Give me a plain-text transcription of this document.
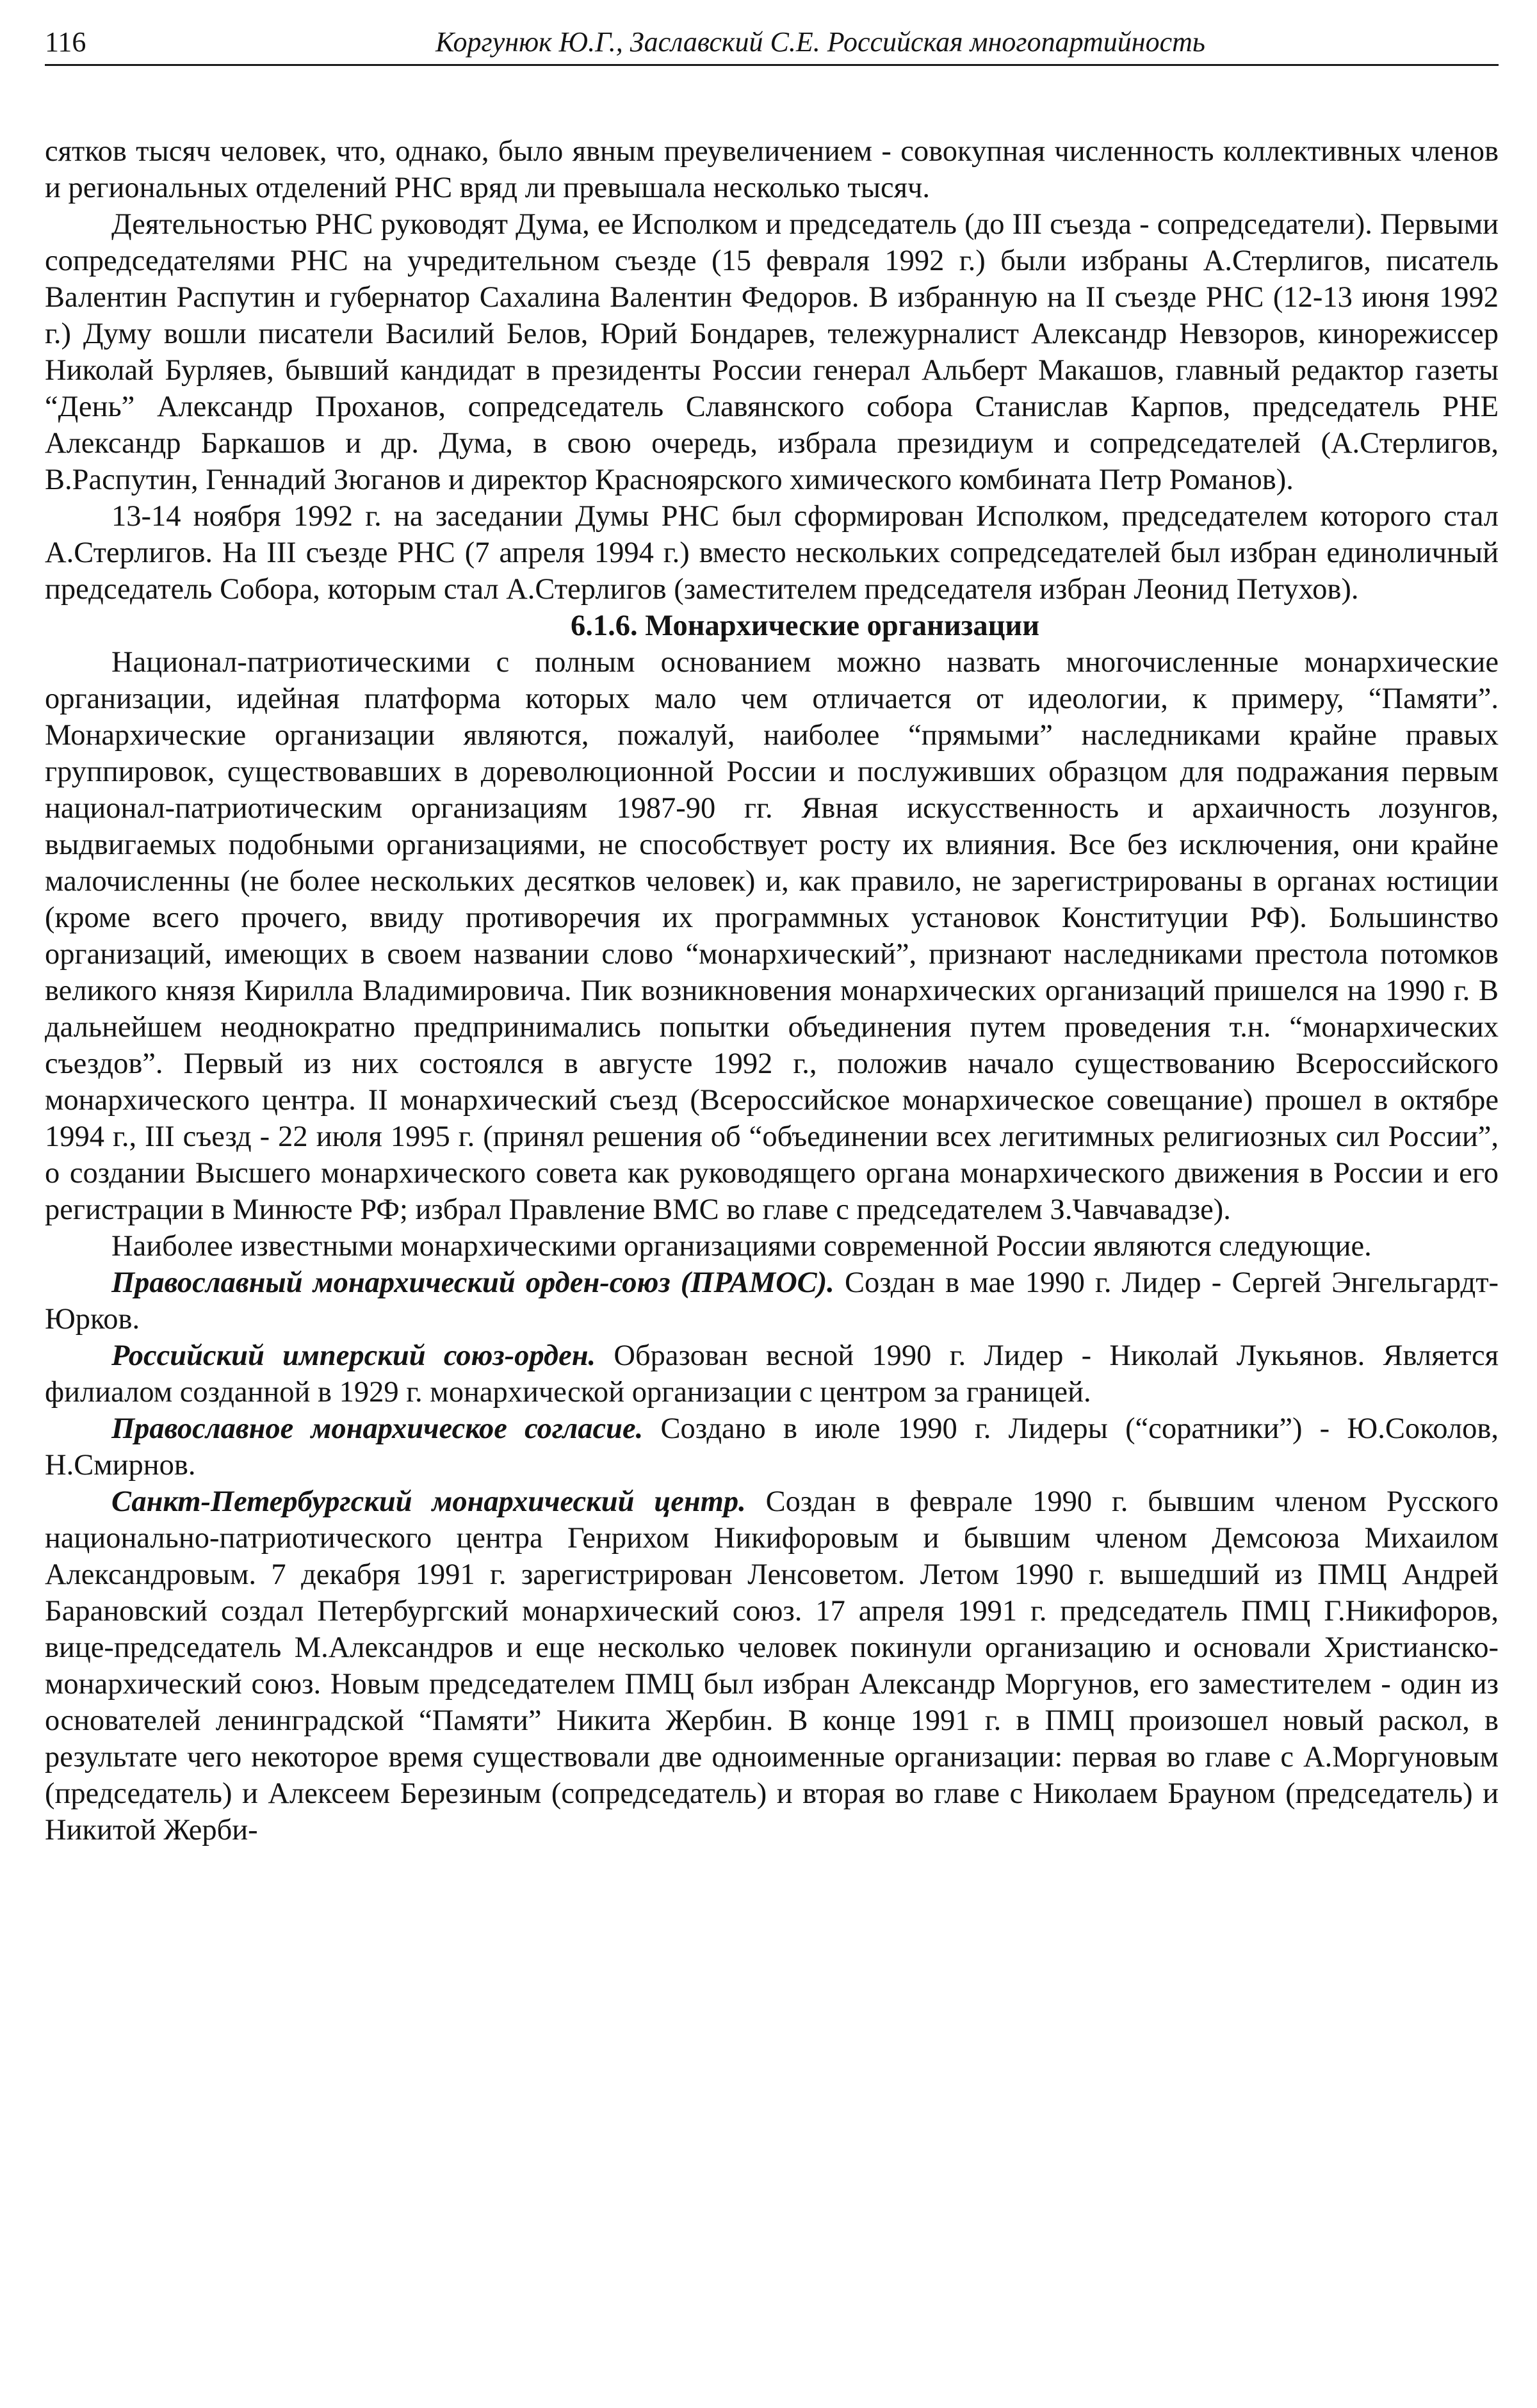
116	Коргунюк Ю.Г., Заславский С.Е. Российская многопартийность

сятков тысяч человек, что, однако, было явным преувеличением - совокупная численность коллективных членов и региональных отделений РНС вряд ли превышала несколько тысяч.

Деятельностью РНС руководят Дума, ее Исполком и председатель (до III съезда - сопредседатели). Первыми сопредседателями РНС на учредительном съезде (15 февраля 1992 г.) были избраны А.Стерлигов, писатель Валентин Распутин и губернатор Сахалина Валентин Федоров. В избранную на II съезде РНС (12-13 июня 1992 г.) Думу вошли писатели Василий Белов, Юрий Бондарев, тележурналист Александр Невзоров, кинорежиссер Николай Бурляев, бывший кандидат в президенты России генерал Альберт Макашов, главный редактор газеты “День” Александр Проханов, сопредседатель Славянского собора Станислав Карпов, председатель РНЕ Александр Баркашов и др. Дума, в свою очередь, избрала президиум и сопредседателей (А.Стерлигов, В.Распутин, Геннадий Зюганов и директор Красноярского химического комбината Петр Романов).

13-14 ноября 1992 г. на заседании Думы РНС был сформирован Исполком, председателем которого стал А.Стерлигов. На III съезде РНС (7 апреля 1994 г.) вместо нескольких сопредседателей был избран единоличный председатель Собора, которым стал А.Стерлигов (заместителем председателя избран Леонид Петухов).

6.1.6. Монархические организации

Национал-патриотическими с полным основанием можно назвать многочисленные монархические организации, идейная платформа которых мало чем отличается от идеологии, к примеру, “Памяти”. Монархические организации являются, пожалуй, наиболее “прямыми” наследниками крайне правых группировок, существовавших в дореволюционной России и послуживших образцом для подражания первым национал-патриотическим организациям 1987-90 гг. Явная искусственность и архаичность лозунгов, выдвигаемых подобными организациями, не способствует росту их влияния. Все без исключения, они крайне малочисленны (не более нескольких десятков человек) и, как правило, не зарегистрированы в органах юстиции (кроме всего прочего, ввиду противоречия их программных установок Конституции РФ). Большинство организаций, имеющих в своем названии слово “монархический”, признают наследниками престола потомков великого князя Кирилла Владимировича. Пик возникновения монархических организаций пришелся на 1990 г. В дальнейшем неоднократно предпринимались попытки объединения путем проведения т.н. “монархических съездов”. Первый из них состоялся в августе 1992 г., положив начало существованию Всероссийского монархического центра. II монархический съезд (Всероссийское монархическое совещание) прошел в октябре 1994 г., III съезд - 22 июля 1995 г. (принял решения об “объединении всех легитимных религиозных сил России”, о создании Высшего монархического совета как руководящего органа монархического движения в России и его регистрации в Минюсте РФ; избрал Правление ВМС во главе с председателем З.Чавчавадзе).

Наиболее известными монархическими организациями современной России являются следующие.

Православный монархический орден-союз (ПРАМОС). Создан в мае 1990 г. Лидер - Сергей Энгельгардт-Юрков.

Российский имперский союз-орден. Образован весной 1990 г. Лидер - Николай Лукьянов. Является филиалом созданной в 1929 г. монархической организации с центром за границей.

Православное монархическое согласие. Создано в июле 1990 г. Лидеры (“соратники”) - Ю.Соколов, Н.Смирнов.

Санкт-Петербургский монархический центр. Создан в феврале 1990 г. бывшим членом Русского национально-патриотического центра Генрихом Никифоровым и бывшим членом Демсоюза Михаилом Александровым. 7 декабря 1991 г. зарегистрирован Ленсоветом. Летом 1990 г. вышедший из ПМЦ Андрей Барановский создал Петербургский монархический союз. 17 апреля 1991 г. председатель ПМЦ Г.Никифоров, вице-председатель М.Александров и еще несколько человек покинули организацию и основали Христианско-монархический союз. Новым председателем ПМЦ был избран Александр Моргунов, его заместителем - один из основателей ленинградской “Памяти” Никита Жербин. В конце 1991 г. в ПМЦ произошел новый раскол, в результате чего некоторое время существовали две одноименные организации: первая во главе с А.Моргуновым (председатель) и Алексеем Березиным (сопредседатель) и вторая во главе с Николаем Брауном (председатель) и Никитой Жерби-
